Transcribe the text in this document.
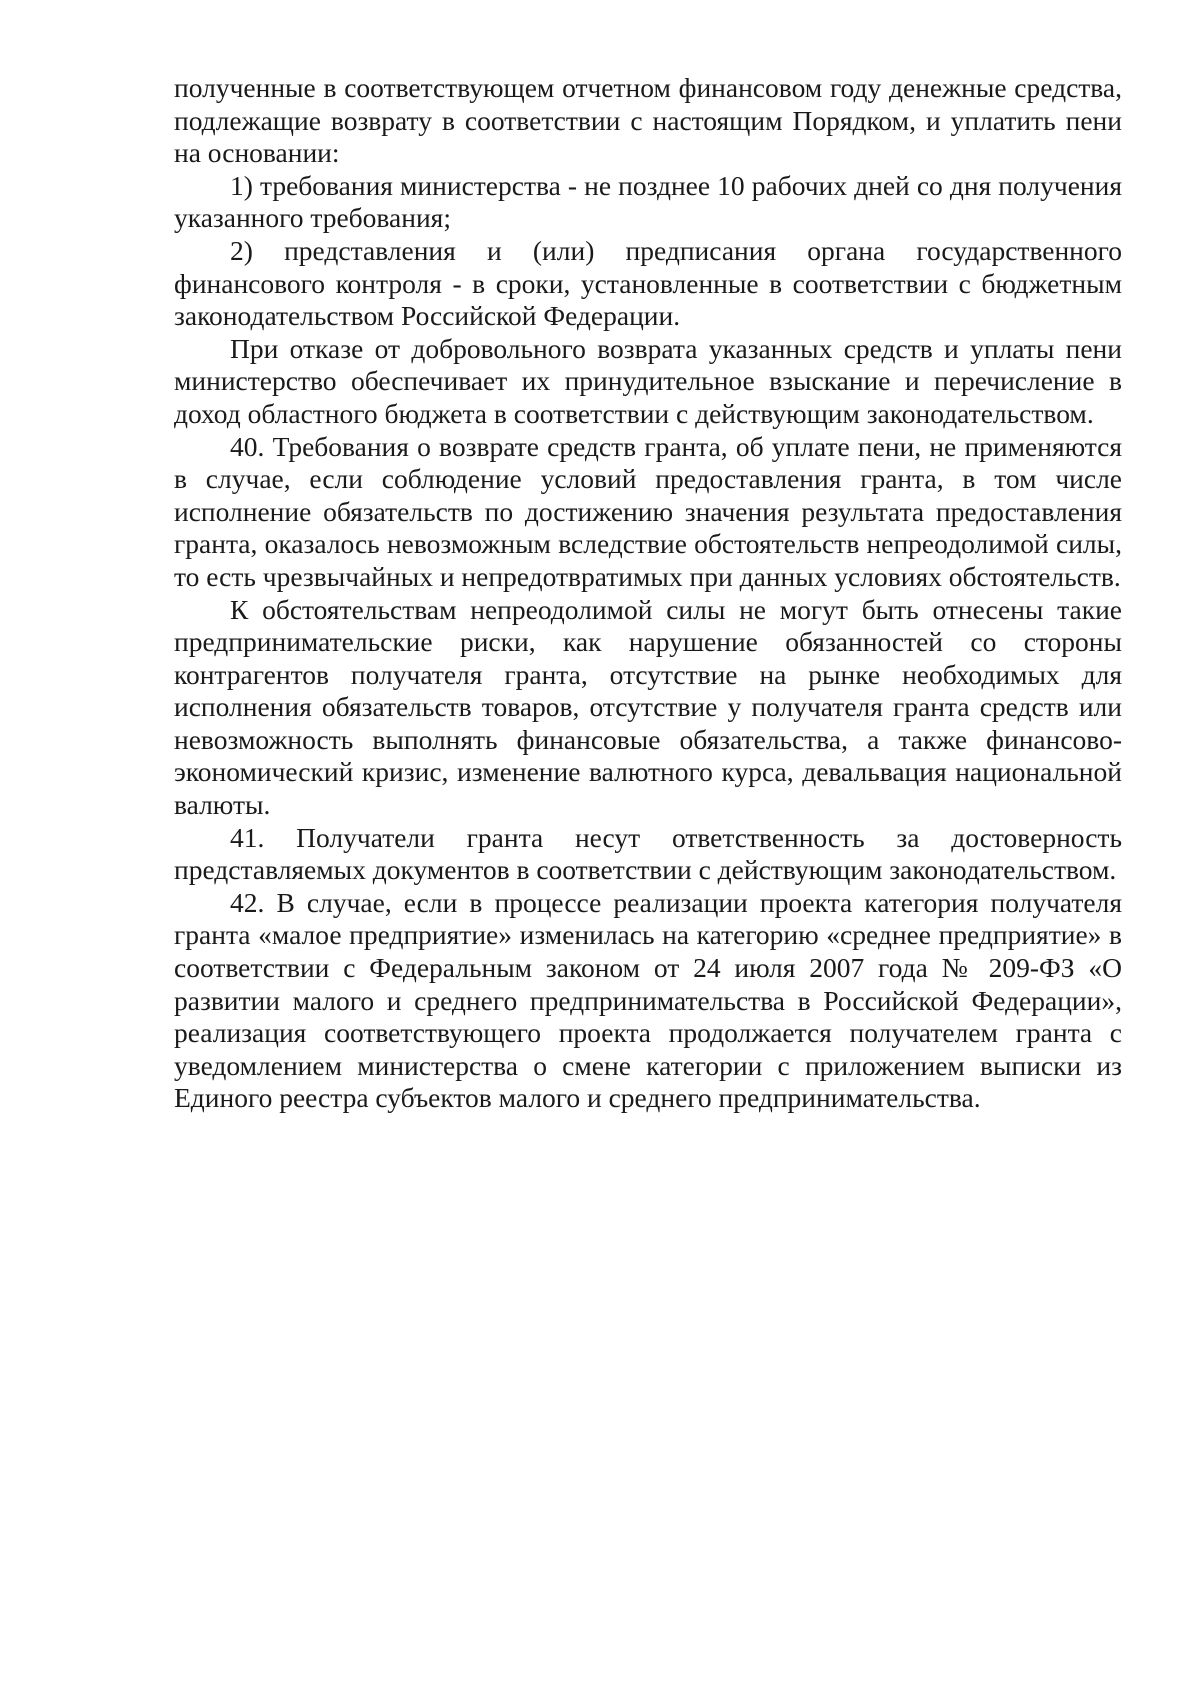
полученные в соответствующем отчетном финансовом году денежные средства, подлежащие возврату в соответствии с настоящим Порядком, и уплатить пени на основании:

1) требования министерства - не позднее 10 рабочих дней со дня получения указанного требования;

2) представления и (или) предписания органа государственного финансового контроля - в сроки, установленные в соответствии с бюджетным законодательством Российской Федерации.

При отказе от добровольного возврата указанных средств и уплаты пени министерство обеспечивает их принудительное взыскание и перечисление в доход областного бюджета в соответствии с действующим законодательством.

40. Требования о возврате средств гранта, об уплате пени, не применяются в случае, если соблюдение условий предоставления гранта, в том числе исполнение обязательств по достижению значения результата предоставления гранта, оказалось невозможным вследствие обстоятельств непреодолимой силы, то есть чрезвычайных и непредотвратимых при данных условиях обстоятельств.

К обстоятельствам непреодолимой силы не могут быть отнесены такие предпринимательские риски, как нарушение обязанностей со стороны контрагентов получателя гранта, отсутствие на рынке необходимых для исполнения обязательств товаров, отсутствие у получателя гранта средств или невозможность выполнять финансовые обязательства, а также финансово-экономический кризис, изменение валютного курса, девальвация национальной валюты.

41. Получатели гранта несут ответственность за достоверность представляемых документов в соответствии с действующим законодательством.

42. В случае, если в процессе реализации проекта категория получателя гранта «малое предприятие» изменилась на категорию «среднее предприятие» в соответствии с Федеральным законом от 24 июля 2007 года № 209-ФЗ «О развитии малого и среднего предпринимательства в Российской Федерации», реализация соответствующего проекта продолжается получателем гранта с уведомлением министерства о смене категории с приложением выписки из Единого реестра субъектов малого и среднего предпринимательства.
